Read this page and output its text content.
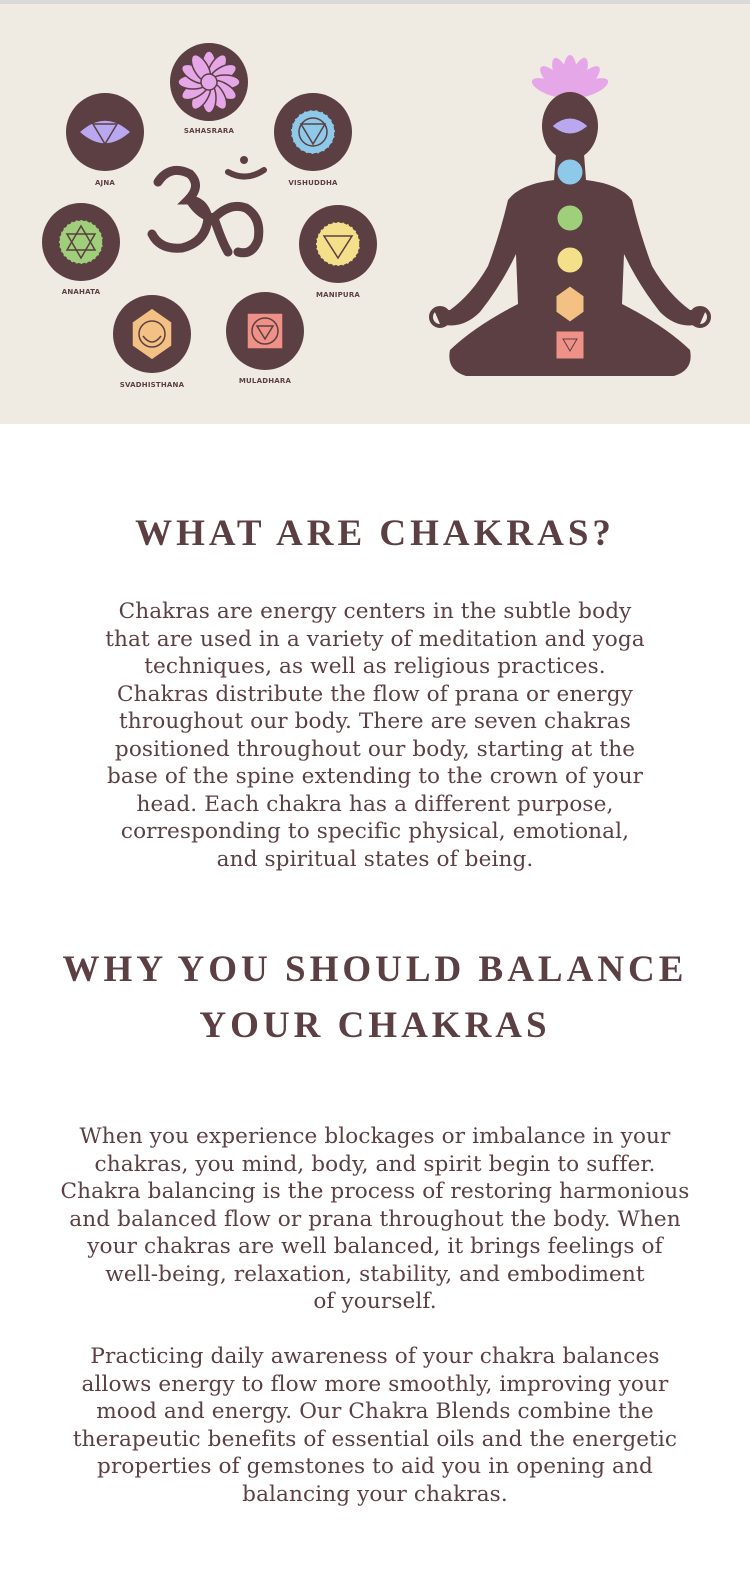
SAHASRARA
AJNA	VISHUDDHA
ANAHATA	MANIPURA
SVADHISTHANA	MULADHARA
WHAT ARE CHAKRAS?
Chakras are energy centers in the subtle body
that are used in a variety of meditation and yoga
techniques, as well as religious practices.
Chakras distribute the flow of prana or energy
throughout our body. There are seven chakras
positioned throughout our body, starting at the
base of the spine extending to the crown of your
head. Each chakra has a different purpose,
corresponding to specific physical, emotional,
and spiritual states of being.
WHY YOU SHOULD BALANCE
YOUR CHAKRAS
When you experience blockages or imbalance in your
chakras, you mind, body, and spirit begin to suffer.
Chakra balancing is the process of restoring harmonious
and balanced flow or prana throughout the body. When
your chakras are well balanced, it brings feelings of
well-being, relaxation, stability, and embodiment
of yourself.
Practicing daily awareness of your chakra balances
allows energy to flow more smoothly, improving your
mood and energy. Our Chakra Blends combine the
therapeutic benefits of essential oils and the energetic
properties of gemstones to aid you in opening and
balancing your chakras.
